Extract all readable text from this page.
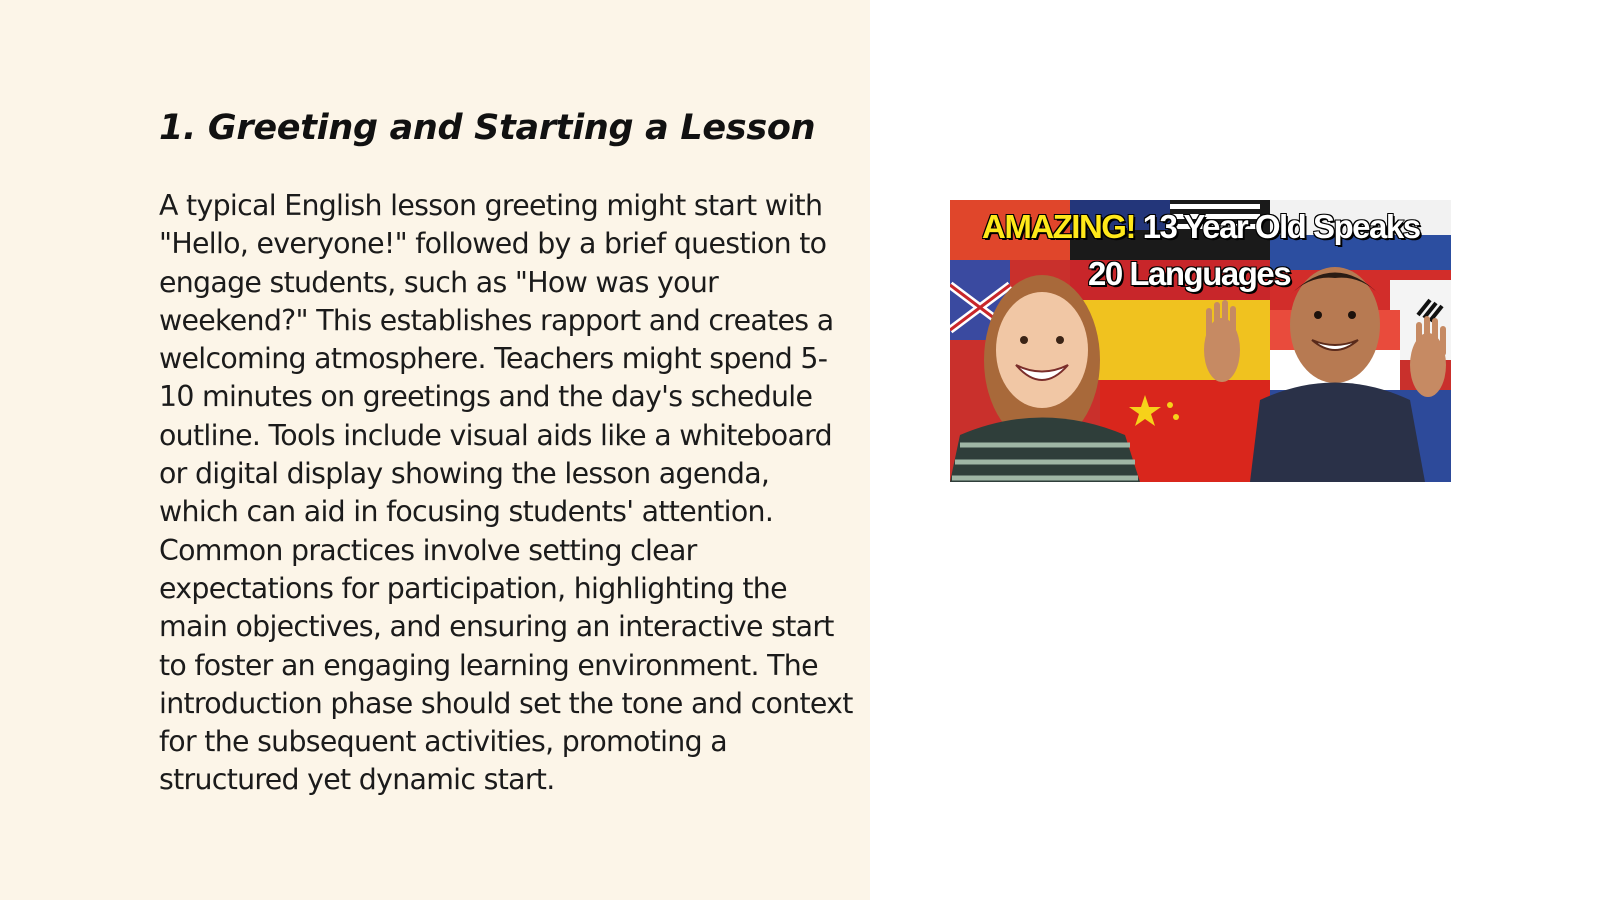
1. Greeting and Starting a Lesson

A typical English lesson greeting might start with "Hello, everyone!" followed by a brief question to engage students, such as "How was your weekend?" This establishes rapport and creates a welcoming atmosphere. Teachers might spend 5-10 minutes on greetings and the day's schedule outline. Tools include visual aids like a whiteboard or digital display showing the lesson agenda, which can aid in focusing students' attention. Common practices involve setting clear expectations for participation, highlighting the main objectives, and ensuring an interactive start to foster an engaging learning environment. The introduction phase should set the tone and context for the subsequent activities, promoting a structured yet dynamic start.

AMAZING! 13 Year Old Speaks
20 Languages
